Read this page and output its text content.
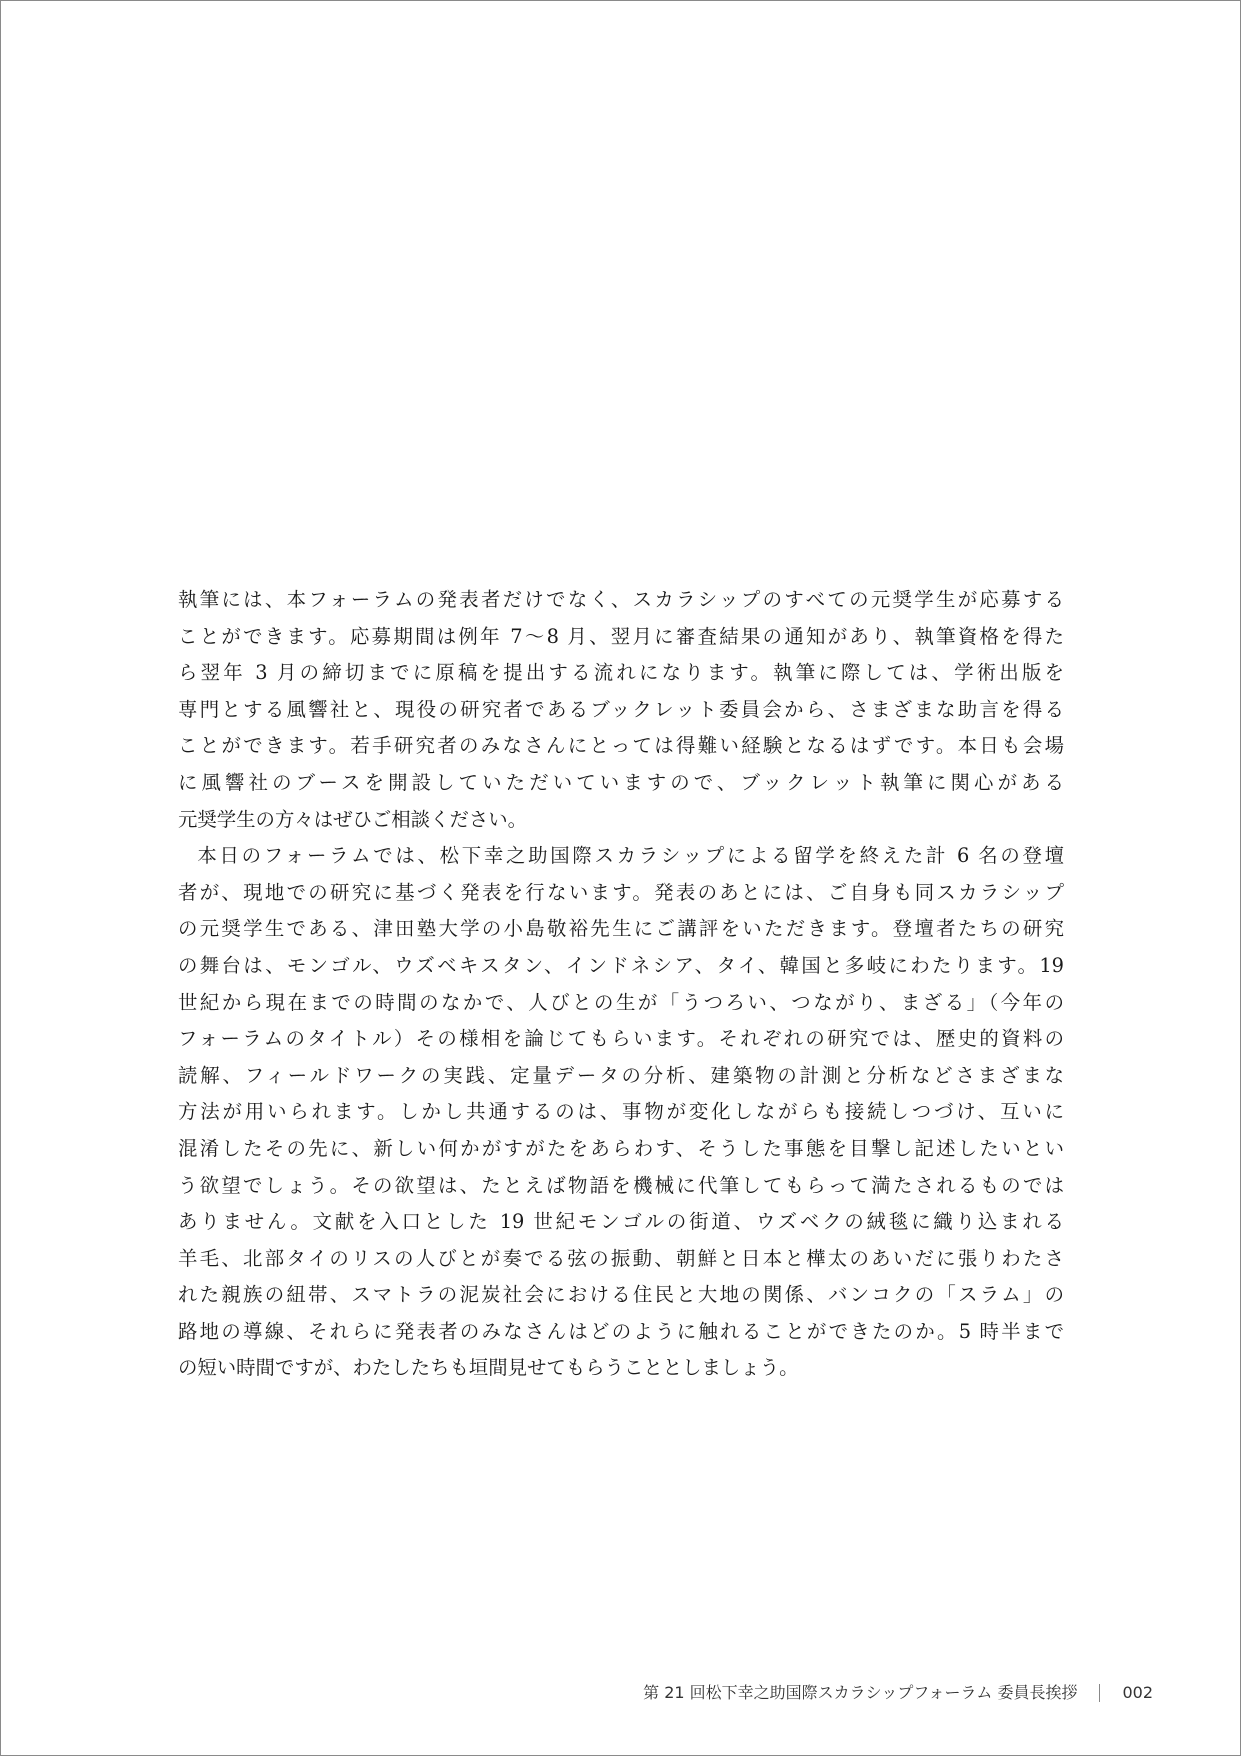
執筆には、本フォーラムの発表者だけでなく、スカラシップのすべての元奨学生が応募する
ことができます。応募期間は例年 7〜8 月、翌月に審査結果の通知があり、執筆資格を得た
ら翌年 3 月の締切までに原稿を提出する流れになります。執筆に際しては、学術出版を
専門とする風響社と、現役の研究者であるブックレット委員会から、さまざまな助言を得る
ことができます。若手研究者のみなさんにとっては得難い経験となるはずです。本日も会場
に風響社のブースを開設していただいていますので、ブックレット執筆に関心がある
元奨学生の方々はぜひご相談ください。
本日のフォーラムでは、松下幸之助国際スカラシップによる留学を終えた計 6 名の登壇
者が、現地での研究に基づく発表を行ないます。発表のあとには、ご自身も同スカラシップ
の元奨学生である、津田塾大学の小島敬裕先生にご講評をいただきます。登壇者たちの研究
の舞台は、モンゴル、ウズベキスタン、インドネシア、タイ、韓国と多岐にわたります。19
世紀から現在までの時間のなかで、人びとの生が「うつろい、つながり、まざる」（今年の
フォーラムのタイトル）その様相を論じてもらいます。それぞれの研究では、歴史的資料の
読解、フィールドワークの実践、定量データの分析、建築物の計測と分析などさまざまな
方法が用いられます。しかし共通するのは、事物が変化しながらも接続しつづけ、互いに
混淆したその先に、新しい何かがすがたをあらわす、そうした事態を目撃し記述したいとい
う欲望でしょう。その欲望は、たとえば物語を機械に代筆してもらって満たされるものでは
ありません。文献を入口とした 19 世紀モンゴルの街道、ウズベクの絨毯に織り込まれる
羊毛、北部タイのリスの人びとが奏でる弦の振動、朝鮮と日本と樺太のあいだに張りわたさ
れた親族の紐帯、スマトラの泥炭社会における住民と大地の関係、バンコクの「スラム」の
路地の導線、それらに発表者のみなさんはどのように触れることができたのか。5 時半まで
の短い時間ですが、わたしたちも垣間見せてもらうこととしましょう。
第 21 回松下幸之助国際スカラシップフォーラム 委員長挨拶	002
